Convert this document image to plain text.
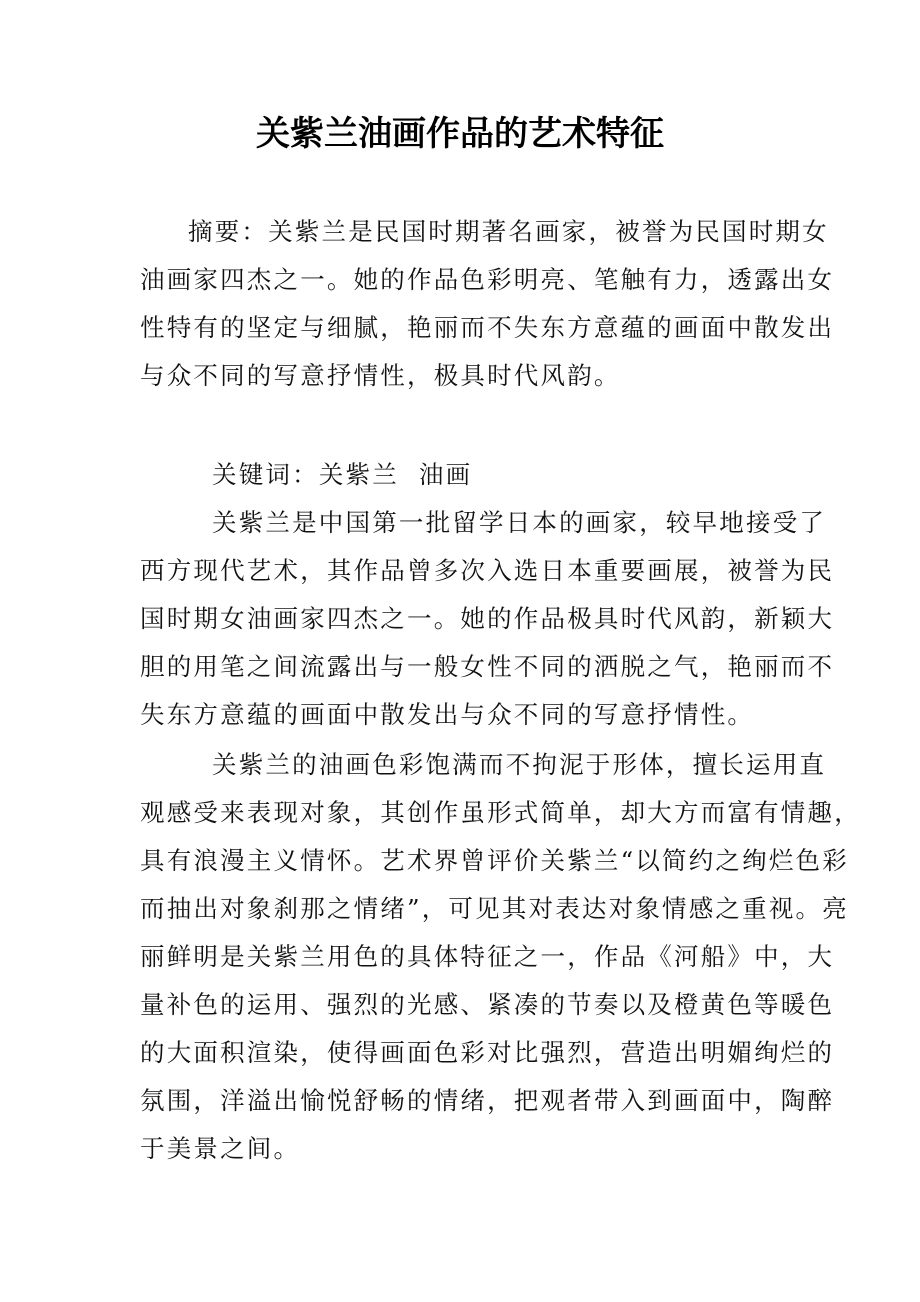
关紫兰油画作品的艺术特征
摘要：关紫兰是民国时期著名画家，被誉为民国时期女
油画家四杰之一。她的作品色彩明亮、笔触有力，透露出女
性特有的坚定与细腻，艳丽而不失东方意蕴的画面中散发出
与众不同的写意抒情性，极具时代风韵。
关键词：关紫兰  油画
关紫兰是中国第一批留学日本的画家，较早地接受了
西方现代艺术，其作品曾多次入选日本重要画展，被誉为民
国时期女油画家四杰之一。她的作品极具时代风韵，新颖大
胆的用笔之间流露出与一般女性不同的洒脱之气，艳丽而不
失东方意蕴的画面中散发出与众不同的写意抒情性。
关紫兰的油画色彩饱满而不拘泥于形体，擅长运用直
观感受来表现对象，其创作虽形式简单，却大方而富有情趣，
具有浪漫主义情怀。艺术界曾评价关紫兰“以简约之绚烂色彩
而抽出对象刹那之情绪”，可见其对表达对象情感之重视。亮
丽鲜明是关紫兰用色的具体特征之一，作品《河船》中，大
量补色的运用、强烈的光感、紧凑的节奏以及橙黄色等暖色
的大面积渲染，使得画面色彩对比强烈，营造出明媚绚烂的
氛围，洋溢出愉悦舒畅的情绪，把观者带入到画面中，陶醉
于美景之间。
